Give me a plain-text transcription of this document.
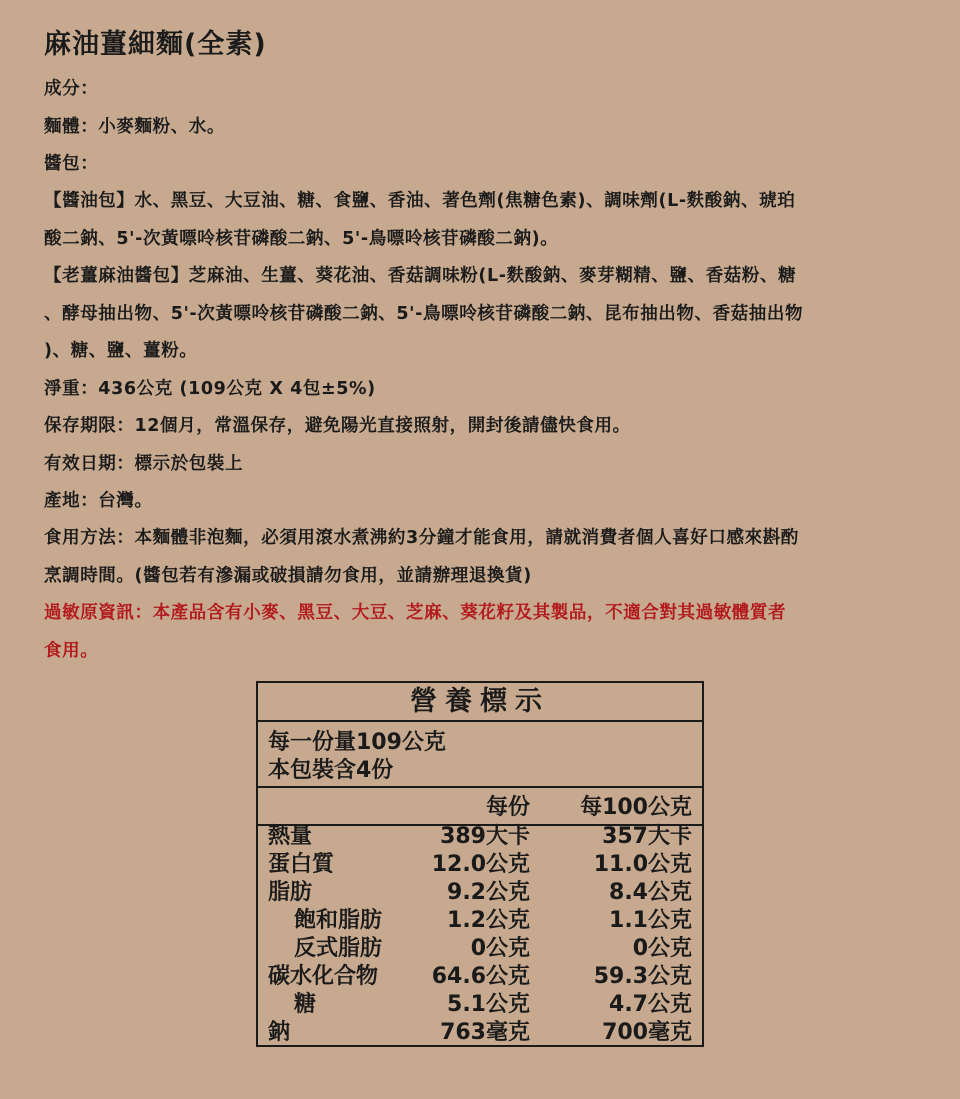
麻油薑細麵(全素)
成分：
麵體：小麥麵粉、水。
醬包：
【醬油包】水、黑豆、大豆油、糖、食鹽、香油、著色劑(焦糖色素)、調味劑(L-麩酸鈉、琥珀
酸二鈉、5'-次黃嘌呤核苷磷酸二鈉、5'-鳥嘌呤核苷磷酸二鈉)。
【老薑麻油醬包】芝麻油、生薑、葵花油、香菇調味粉(L-麩酸鈉、麥芽糊精、鹽、香菇粉、糖
、酵母抽出物、5'-次黃嘌呤核苷磷酸二鈉、5'-鳥嘌呤核苷磷酸二鈉、昆布抽出物、香菇抽出物
)、糖、鹽、薑粉。
淨重：436公克 (109公克 X 4包±5%)
保存期限：12個月，常溫保存，避免陽光直接照射，開封後請儘快食用。
有效日期：標示於包裝上
產地：台灣。
食用方法：本麵體非泡麵，必須用滾水煮沸約3分鐘才能食用，請就消費者個人喜好口感來斟酌
烹調時間。(醬包若有滲漏或破損請勿食用，並請辦理退換貨)
過敏原資訊：本產品含有小麥、黑豆、大豆、芝麻、葵花籽及其製品，不適合對其過敏體質者
食用。
營養標示
每一份量109公克
本包裝含4份
每份 每100公克
熱量	389大卡	357大卡
蛋白質	12.0公克	11.0公克
脂肪	9.2公克	8.4公克
飽和脂肪	1.2公克	1.1公克
反式脂肪	0公克	0公克
碳水化合物 64.6公克	59.3公克
糖	5.1公克	4.7公克
鈉	763毫克	700毫克
